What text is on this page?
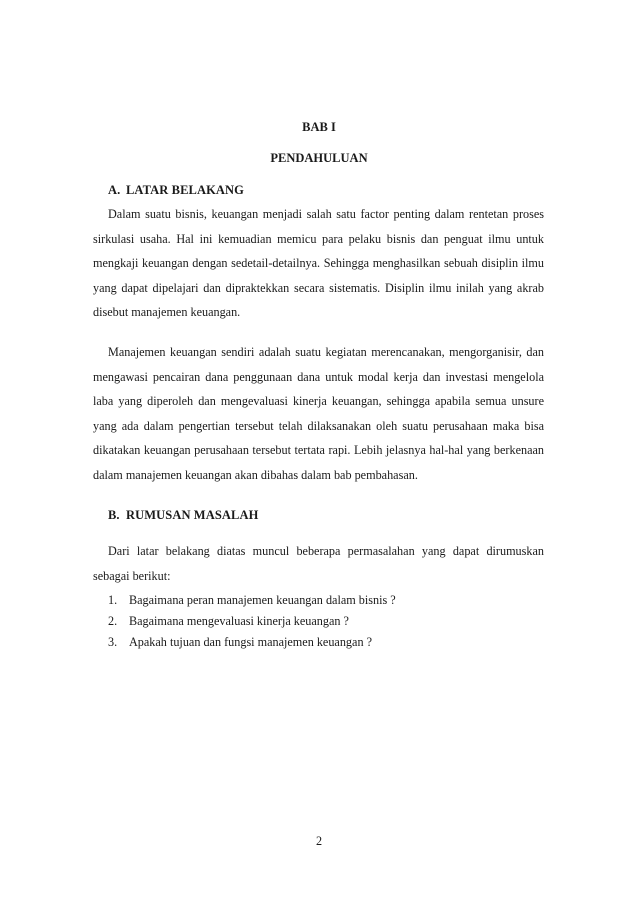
BAB I
PENDAHULUAN
A. LATAR BELAKANG

Dalam suatu bisnis, keuangan menjadi salah satu factor penting dalam rentetan proses sirkulasi usaha. Hal ini kemuadian memicu para pelaku bisnis dan penguat ilmu untuk mengkaji keuangan dengan sedetail-detailnya. Sehingga menghasilkan sebuah disiplin ilmu yang dapat dipelajari dan dipraktekkan secara sistematis. Disiplin ilmu inilah yang akrab disebut manajemen keuangan.

Manajemen keuangan sendiri adalah suatu kegiatan merencanakan, mengorganisir, dan mengawasi pencairan dana penggunaan dana untuk modal kerja dan investasi mengelola laba yang diperoleh dan mengevaluasi kinerja keuangan, sehingga apabila semua unsure yang ada dalam pengertian tersebut telah dilaksanakan oleh suatu perusahaan maka bisa dikatakan keuangan perusahaan tersebut tertata rapi. Lebih jelasnya hal-hal yang berkenaan dalam manajemen keuangan akan dibahas dalam bab pembahasan.

B. RUMUSAN MASALAH

Dari latar belakang diatas muncul beberapa permasalahan yang dapat dirumuskan sebagai berikut:

1. Bagaimana peran manajemen keuangan dalam bisnis ?
2. Bagaimana mengevaluasi kinerja keuangan ?
3. Apakah tujuan dan fungsi manajemen keuangan ?
2
